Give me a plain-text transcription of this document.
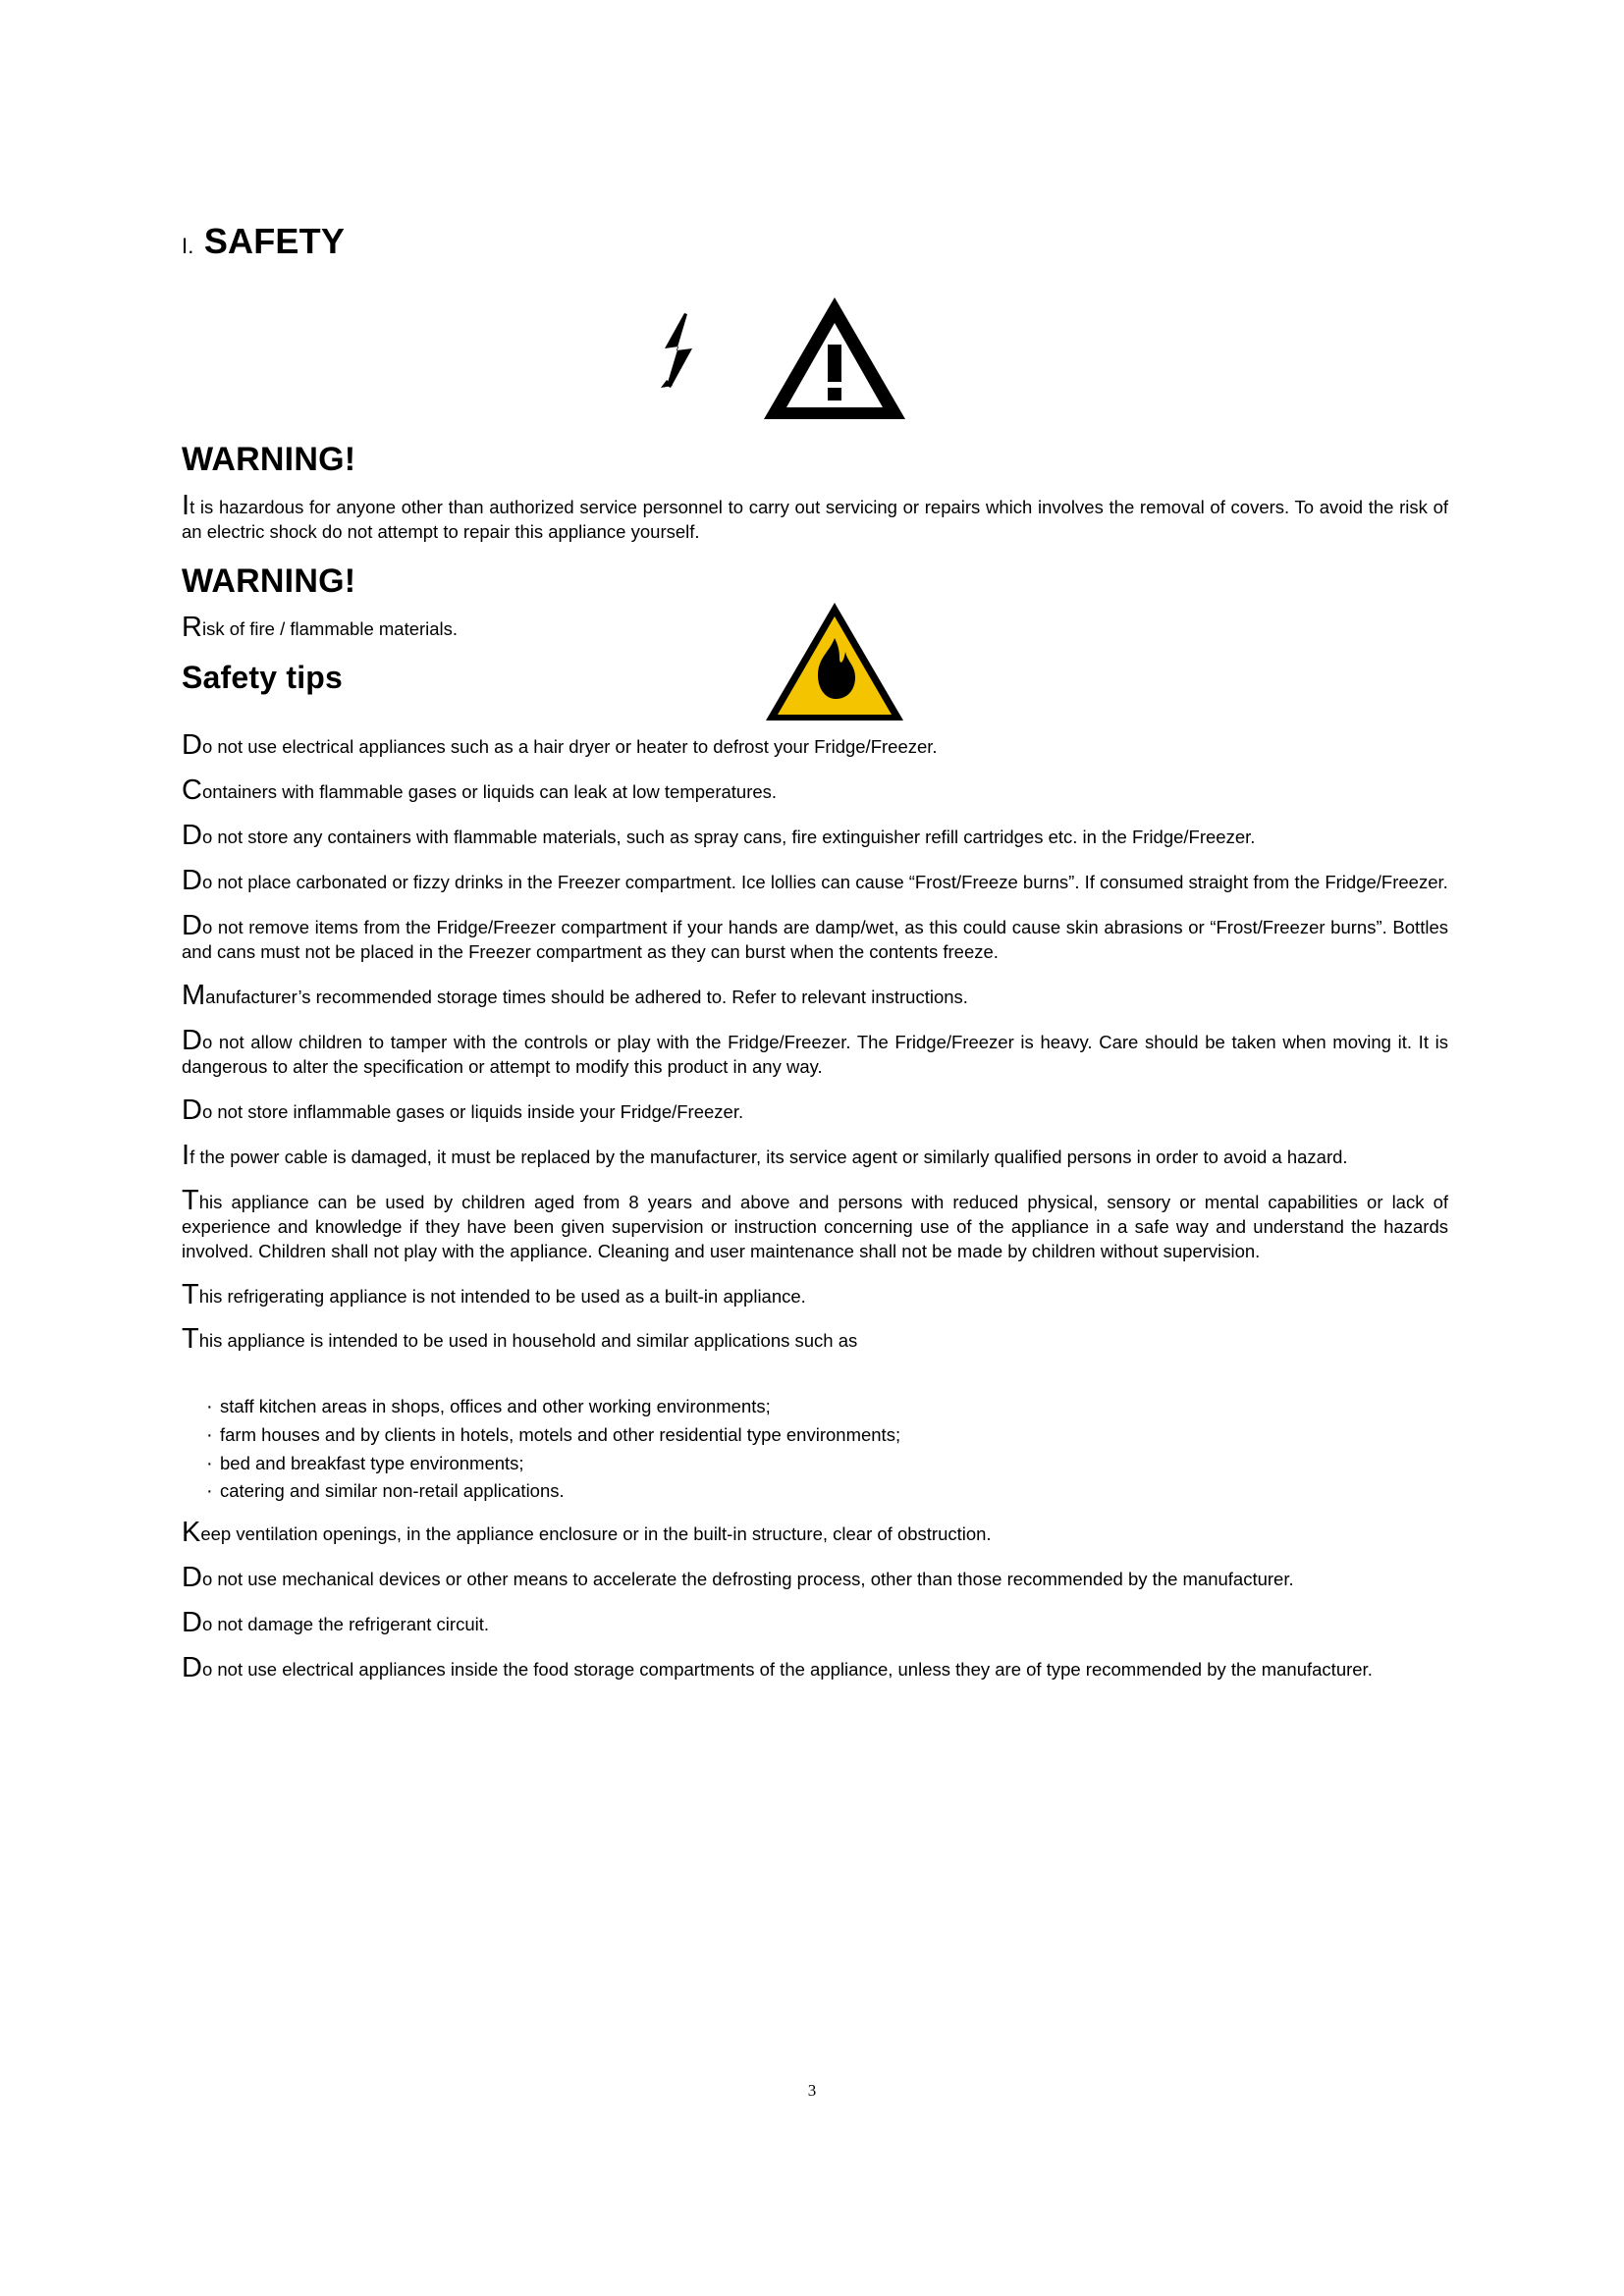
I. SAFETY
WARNING!

It is hazardous for anyone other than authorized service personnel to carry out servicing or repairs which involves the removal of covers. To avoid the risk of an electric shock do not attempt to repair this appliance yourself.

WARNING!

Risk of fire / flammable materials.

Safety tips

Do not use electrical appliances such as a hair dryer or heater to defrost your Fridge/Freezer.

Containers with flammable gases or liquids can leak at low temperatures.

Do not store any containers with flammable materials, such as spray cans, fire extinguisher refill cartridges etc. in the Fridge/Freezer.

Do not place carbonated or fizzy drinks in the Freezer compartment. Ice lollies can cause “Frost/Freeze burns”. If consumed straight from the Fridge/Freezer.

Do not remove items from the Fridge/Freezer compartment if your hands are damp/wet, as this could cause skin abrasions or “Frost/Freezer burns”. Bottles and cans must not be placed in the Freezer compartment as they can burst when the contents freeze.

Manufacturer’s recommended storage times should be adhered to. Refer to relevant instructions.

Do not allow children to tamper with the controls or play with the Fridge/Freezer. The Fridge/Freezer is heavy. Care should be taken when moving it. It is dangerous to alter the specification or attempt to modify this product in any way.

Do not store inflammable gases or liquids inside your Fridge/Freezer.

If the power cable is damaged, it must be replaced by the manufacturer, its service agent or similarly qualified persons in order to avoid a hazard.

This appliance can be used by children aged from 8 years and above and persons with reduced physical, sensory or mental capabilities or lack of experience and knowledge if they have been given supervision or instruction concerning use of the appliance in a safe way and understand the hazards involved. Children shall not play with the appliance. Cleaning and user maintenance shall not be made by children without supervision.

This refrigerating appliance is not intended to be used as a built-in appliance.

This appliance is intended to be used in household and similar applications such as

· staff kitchen areas in shops, offices and other working environments;
· farm houses and by clients in hotels, motels and other residential type environments;
· bed and breakfast type environments;
· catering and similar non-retail applications.

Keep ventilation openings, in the appliance enclosure or in the built-in structure, clear of obstruction.

Do not use mechanical devices or other means to accelerate the defrosting process, other than those recommended by the manufacturer.

Do not damage the refrigerant circuit.

Do not use electrical appliances inside the food storage compartments of the appliance, unless they are of type recommended by the manufacturer.

3
